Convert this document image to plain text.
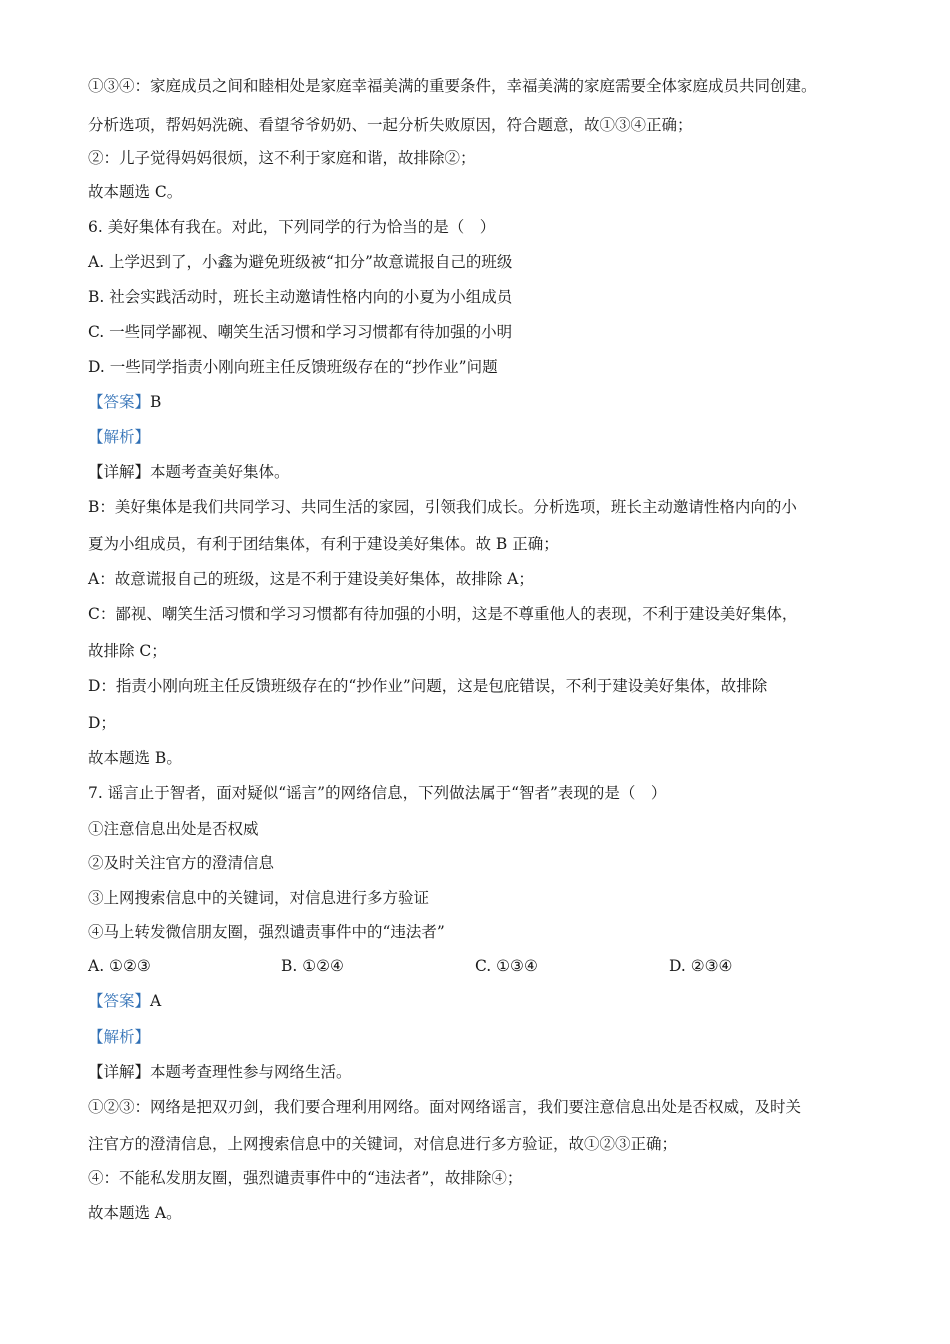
①③④：家庭成员之间和睦相处是家庭幸福美满的重要条件，幸福美满的家庭需要全体家庭成员共同创建。
分析选项，帮妈妈洗碗、看望爷爷奶奶、一起分析失败原因，符合题意，故①③④正确；
②：儿子觉得妈妈很烦，这不利于家庭和谐，故排除②；
故本题选 C。
6. 美好集体有我在。对此，下列同学的行为恰当的是（　）
A. 上学迟到了，小鑫为避免班级被“扣分”故意谎报自己的班级
B. 社会实践活动时，班长主动邀请性格内向的小夏为小组成员
C. 一些同学鄙视、嘲笑生活习惯和学习习惯都有待加强的小明
D. 一些同学指责小刚向班主任反馈班级存在的“抄作业”问题
【答案】B
【解析】
【详解】本题考查美好集体。
B：美好集体是我们共同学习、共同生活的家园，引领我们成长。分析选项，班长主动邀请性格内向的小
夏为小组成员，有利于团结集体，有利于建设美好集体。故 B 正确；
A：故意谎报自己的班级，这是不利于建设美好集体，故排除 A；
C：鄙视、嘲笑生活习惯和学习习惯都有待加强的小明，这是不尊重他人的表现，不利于建设美好集体，
故排除 C；
D：指责小刚向班主任反馈班级存在的“抄作业”问题，这是包庇错误，不利于建设美好集体，故排除
D；
故本题选 B。
7. 谣言止于智者，面对疑似“谣言”的网络信息，下列做法属于“智者”表现的是（　）
①注意信息出处是否权威
②及时关注官方的澄清信息
③上网搜索信息中的关键词，对信息进行多方验证
④马上转发微信朋友圈，强烈谴责事件中的“违法者”
A. ①②③	B. ①②④	C. ①③④	D. ②③④
【答案】A
【解析】
【详解】本题考查理性参与网络生活。
①②③：网络是把双刃剑，我们要合理利用网络。面对网络谣言，我们要注意信息出处是否权威，及时关
注官方的澄清信息，上网搜索信息中的关键词，对信息进行多方验证，故①②③正确；
④：不能私发朋友圈，强烈谴责事件中的“违法者”，故排除④；
故本题选 A。
